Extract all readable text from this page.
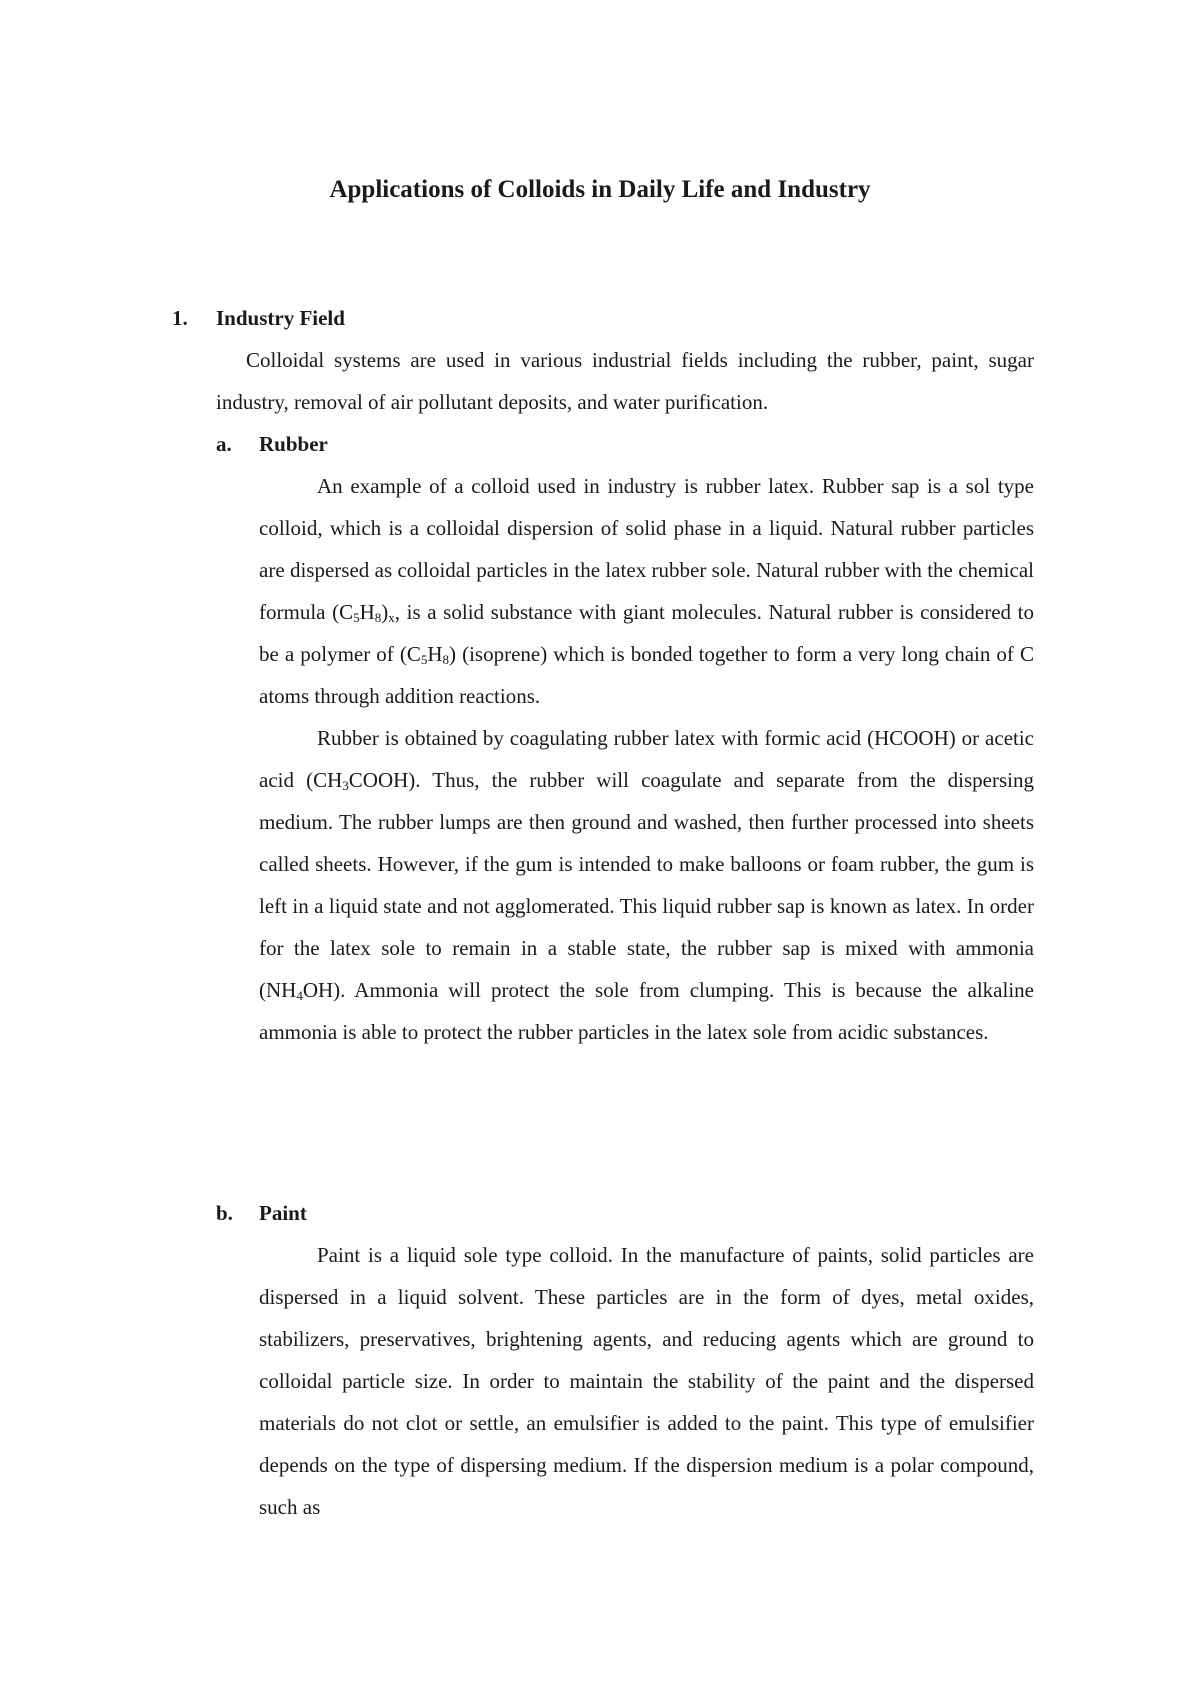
Applications of Colloids in Daily Life and Industry
1. Industry Field

Colloidal systems are used in various industrial fields including the rubber, paint, sugar industry, removal of air pollutant deposits, and water purification.

a. Rubber

An example of a colloid used in industry is rubber latex. Rubber sap is a sol type colloid, which is a colloidal dispersion of solid phase in a liquid. Natural rubber particles are dispersed as colloidal particles in the latex rubber sole. Natural rubber with the chemical formula $(C_5H_8)_x$, is a solid substance with giant molecules. Natural rubber is considered to be a polymer of $(C_5H_8)$ (isoprene) which is bonded together to form a very long chain of C atoms through addition reactions.

Rubber is obtained by coagulating rubber latex with formic acid (HCOOH) or acetic acid $(CH_3COOH)$. Thus, the rubber will coagulate and separate from the dispersing medium. The rubber lumps are then ground and washed, then further processed into sheets called sheets. However, if the gum is intended to make balloons or foam rubber, the gum is left in a liquid state and not agglomerated. This liquid rubber sap is known as latex. In order for the latex sole to remain in a stable state, the rubber sap is mixed with ammonia $(NH_4OH)$. Ammonia will protect the sole from clumping. This is because the alkaline ammonia is able to protect the rubber particles in the latex sole from acidic substances.

b. Paint

Paint is a liquid sole type colloid. In the manufacture of paints, solid particles are dispersed in a liquid solvent. These particles are in the form of dyes, metal oxides, stabilizers, preservatives, brightening agents, and reducing agents which are ground to colloidal particle size. In order to maintain the stability of the paint and the dispersed materials do not clot or settle, an emulsifier is added to the paint. This type of emulsifier depends on the type of dispersing medium. If the dispersion medium is a polar compound, such as
